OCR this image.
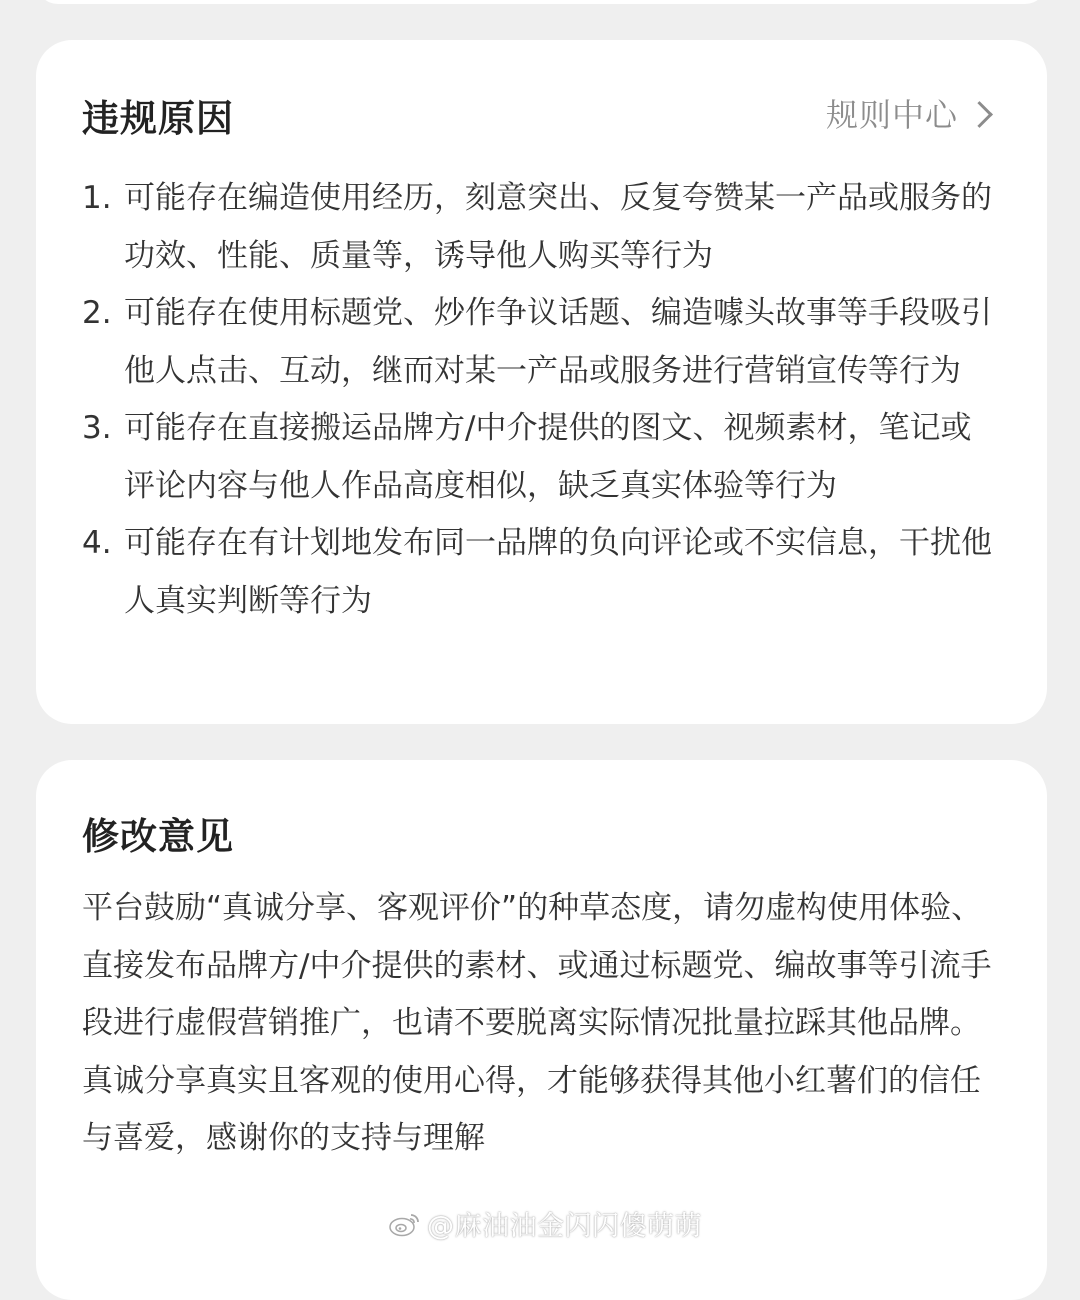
违规原因	规则中心
1. 可能存在编造使用经历，刻意突出、反复夸赞某一产品或服务的功效、性能、质量等，诱导他人购买等行为
2. 可能存在使用标题党、炒作争议话题、编造噱头故事等手段吸引他人点击、互动，继而对某一产品或服务进行营销宣传等行为
3. 可能存在直接搬运品牌方/中介提供的图文、视频素材，笔记或评论内容与他人作品高度相似，缺乏真实体验等行为
4. 可能存在有计划地发布同一品牌的负向评论或不实信息，干扰他人真实判断等行为
修改意见

平台鼓励“真诚分享、客观评价”的种草态度，请勿虚构使用体验、直接发布品牌方/中介提供的素材、或通过标题党、编故事等引流手段进行虚假营销推广，也请不要脱离实际情况批量拉踩其他品牌。真诚分享真实且客观的使用心得，才能够获得其他小红薯们的信任与喜爱，感谢你的支持与理解

@麻油油金闪闪傻萌萌
